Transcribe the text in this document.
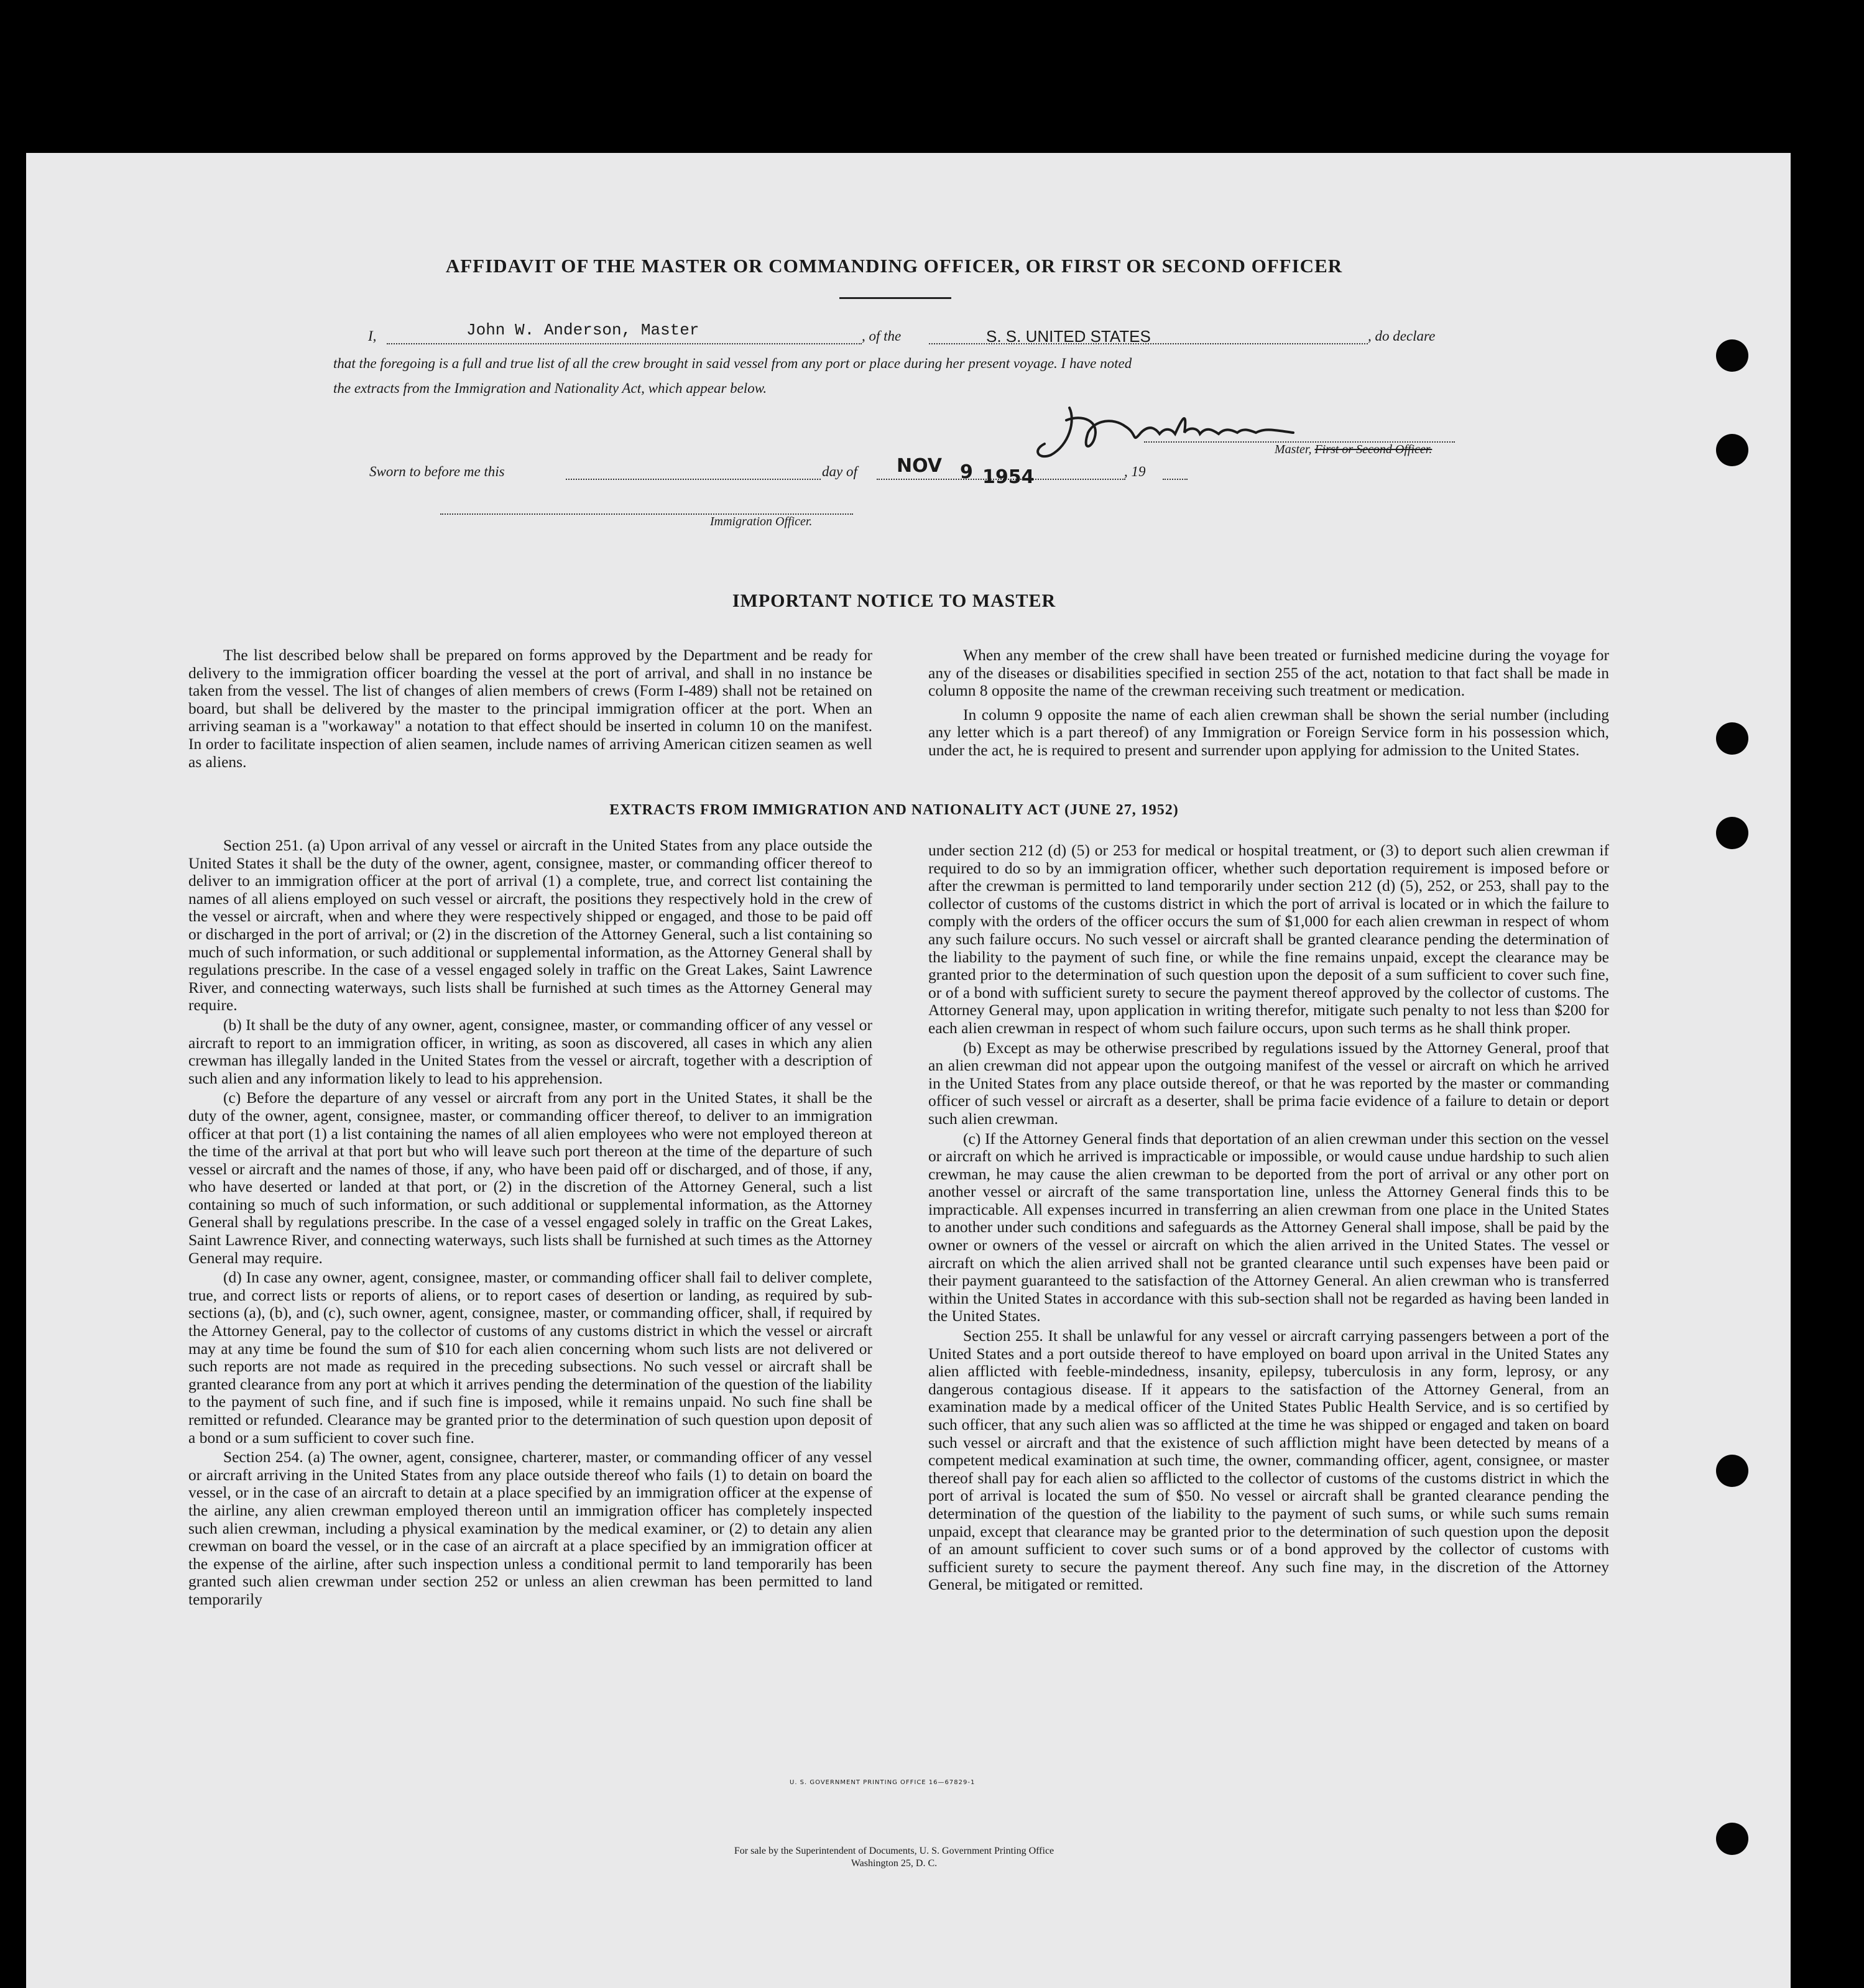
AFFIDAVIT OF THE MASTER OR COMMANDING OFFICER, OR FIRST OR SECOND OFFICER
I,	John W. Anderson, Master	, of the	S. S. UNITED STATES	, do declare
that the foregoing is a full and true list of all the crew brought in said vessel from any port or place during her present voyage. I have noted
the extracts from the Immigration and Nationality Act, which appear below.
Master, First or Second Officer.
Sworn to before me this	day of NOV 9 1954	, 19
Immigration Officer.
IMPORTANT NOTICE TO MASTER

The list described below shall be prepared on forms approved by the Department and be ready for delivery to the immigration officer boarding the vessel at the port of arrival, and shall in no instance be taken from the vessel. The list of changes of alien members of crews (Form I-489) shall not be retained on board, but shall be delivered by the master to the principal immigration officer at the port. When an arriving seaman is a "workaway" a notation to that effect should be inserted in column 10 on the manifest. In order to facilitate inspection of alien seamen, include names of arriving American citizen seamen as well as aliens.

When any member of the crew shall have been treated or furnished medicine during the voyage for any of the diseases or disabilities specified in section 255 of the act, notation to that fact shall be made in column 8 opposite the name of the crewman receiving such treatment or medication.

In column 9 opposite the name of each alien crewman shall be shown the serial number (including any letter which is a part thereof) of any Immigration or Foreign Service form in his possession which, under the act, he is required to present and surrender upon applying for admission to the United States.

EXTRACTS FROM IMMIGRATION AND NATIONALITY ACT (JUNE 27, 1952)

Section 251. (a) Upon arrival of any vessel or aircraft in the United States from any place outside the United States it shall be the duty of the owner, agent, consignee, master, or commanding officer thereof to deliver to an immigration officer at the port of arrival (1) a complete, true, and correct list containing the names of all aliens employed on such vessel or aircraft, the positions they respectively hold in the crew of the vessel or aircraft, when and where they were respectively shipped or engaged, and those to be paid off or discharged in the port of arrival; or (2) in the discretion of the Attorney General, such a list containing so much of such information, or such additional or supplemental information, as the Attorney General shall by regulations prescribe. In the case of a vessel engaged solely in traffic on the Great Lakes, Saint Lawrence River, and connecting waterways, such lists shall be furnished at such times as the Attorney General may require.

(b) It shall be the duty of any owner, agent, consignee, master, or commanding officer of any vessel or aircraft to report to an immigration officer, in writing, as soon as discovered, all cases in which any alien crewman has illegally landed in the United States from the vessel or aircraft, together with a description of such alien and any information likely to lead to his apprehension.

(c) Before the departure of any vessel or aircraft from any port in the United States, it shall be the duty of the owner, agent, consignee, master, or commanding officer thereof, to deliver to an immigration officer at that port (1) a list containing the names of all alien employees who were not employed thereon at the time of the arrival at that port but who will leave such port thereon at the time of the departure of such vessel or aircraft and the names of those, if any, who have been paid off or discharged, and of those, if any, who have deserted or landed at that port, or (2) in the discretion of the Attorney General, such a list containing so much of such information, or such additional or supplemental information, as the Attorney General shall by regulations prescribe. In the case of a vessel engaged solely in traffic on the Great Lakes, Saint Lawrence River, and connecting waterways, such lists shall be furnished at such times as the Attorney General may require.

(d) In case any owner, agent, consignee, master, or commanding officer shall fail to deliver complete, true, and correct lists or reports of aliens, or to report cases of desertion or landing, as required by sub-sections (a), (b), and (c), such owner, agent, consignee, master, or commanding officer, shall, if required by the Attorney General, pay to the collector of customs of any customs district in which the vessel or aircraft may at any time be found the sum of $10 for each alien concerning whom such lists are not delivered or such reports are not made as required in the preceding subsections. No such vessel or aircraft shall be granted clearance from any port at which it arrives pending the determination of the question of the liability to the payment of such fine, and if such fine is imposed, while it remains unpaid. No such fine shall be remitted or refunded. Clearance may be granted prior to the determination of such question upon deposit of a bond or a sum sufficient to cover such fine.

Section 254. (a) The owner, agent, consignee, charterer, master, or commanding officer of any vessel or aircraft arriving in the United States from any place outside thereof who fails (1) to detain on board the vessel, or in the case of an aircraft to detain at a place specified by an immigration officer at the expense of the airline, any alien crewman employed thereon until an immigration officer has completely inspected such alien crewman, including a physical examination by the medical examiner, or (2) to detain any alien crewman on board the vessel, or in the case of an aircraft at a place specified by an immigration officer at the expense of the airline, after such inspection unless a conditional permit to land temporarily has been granted such alien crewman under section 252 or unless an alien crewman has been permitted to land temporarily

under section 212 (d) (5) or 253 for medical or hospital treatment, or (3) to deport such alien crewman if required to do so by an immigration officer, whether such deportation requirement is imposed before or after the crewman is permitted to land temporarily under section 212 (d) (5), 252, or 253, shall pay to the collector of customs of the customs district in which the port of arrival is located or in which the failure to comply with the orders of the officer occurs the sum of $1,000 for each alien crewman in respect of whom any such failure occurs. No such vessel or aircraft shall be granted clearance pending the determination of the liability to the payment of such fine, or while the fine remains unpaid, except the clearance may be granted prior to the determination of such question upon the deposit of a sum sufficient to cover such fine, or of a bond with sufficient surety to secure the payment thereof approved by the collector of customs. The Attorney General may, upon application in writing therefor, mitigate such penalty to not less than $200 for each alien crewman in respect of whom such failure occurs, upon such terms as he shall think proper.

(b) Except as may be otherwise prescribed by regulations issued by the Attorney General, proof that an alien crewman did not appear upon the outgoing manifest of the vessel or aircraft on which he arrived in the United States from any place outside thereof, or that he was reported by the master or commanding officer of such vessel or aircraft as a deserter, shall be prima facie evidence of a failure to detain or deport such alien crewman.

(c) If the Attorney General finds that deportation of an alien crewman under this section on the vessel or aircraft on which he arrived is impracticable or impossible, or would cause undue hardship to such alien crewman, he may cause the alien crewman to be deported from the port of arrival or any other port on another vessel or aircraft of the same transportation line, unless the Attorney General finds this to be impracticable. All expenses incurred in transferring an alien crewman from one place in the United States to another under such conditions and safeguards as the Attorney General shall impose, shall be paid by the owner or owners of the vessel or aircraft on which the alien arrived in the United States. The vessel or aircraft on which the alien arrived shall not be granted clearance until such expenses have been paid or their payment guaranteed to the satisfaction of the Attorney General. An alien crewman who is transferred within the United States in accordance with this sub-section shall not be regarded as having been landed in the United States.

Section 255. It shall be unlawful for any vessel or aircraft carrying passengers between a port of the United States and a port outside thereof to have employed on board upon arrival in the United States any alien afflicted with feeble-mindedness, insanity, epilepsy, tuberculosis in any form, leprosy, or any dangerous contagious disease. If it appears to the satisfaction of the Attorney General, from an examination made by a medical officer of the United States Public Health Service, and is so certified by such officer, that any such alien was so afflicted at the time he was shipped or engaged and taken on board such vessel or aircraft and that the existence of such affliction might have been detected by means of a competent medical examination at such time, the owner, commanding officer, agent, consignee, or master thereof shall pay for each alien so afflicted to the collector of customs of the customs district in which the port of arrival is located the sum of $50. No vessel or aircraft shall be granted clearance pending the determination of the question of the liability to the payment of such sums, or while such sums remain unpaid, except that clearance may be granted prior to the determination of such question upon the deposit of an amount sufficient to cover such sums or of a bond approved by the collector of customs with sufficient surety to secure the payment thereof. Any such fine may, in the discretion of the Attorney General, be mitigated or remitted.

U. S. GOVERNMENT PRINTING OFFICE 16—67829-1
For sale by the Superintendent of Documents, U. S. Government Printing Office
Washington 25, D. C.
